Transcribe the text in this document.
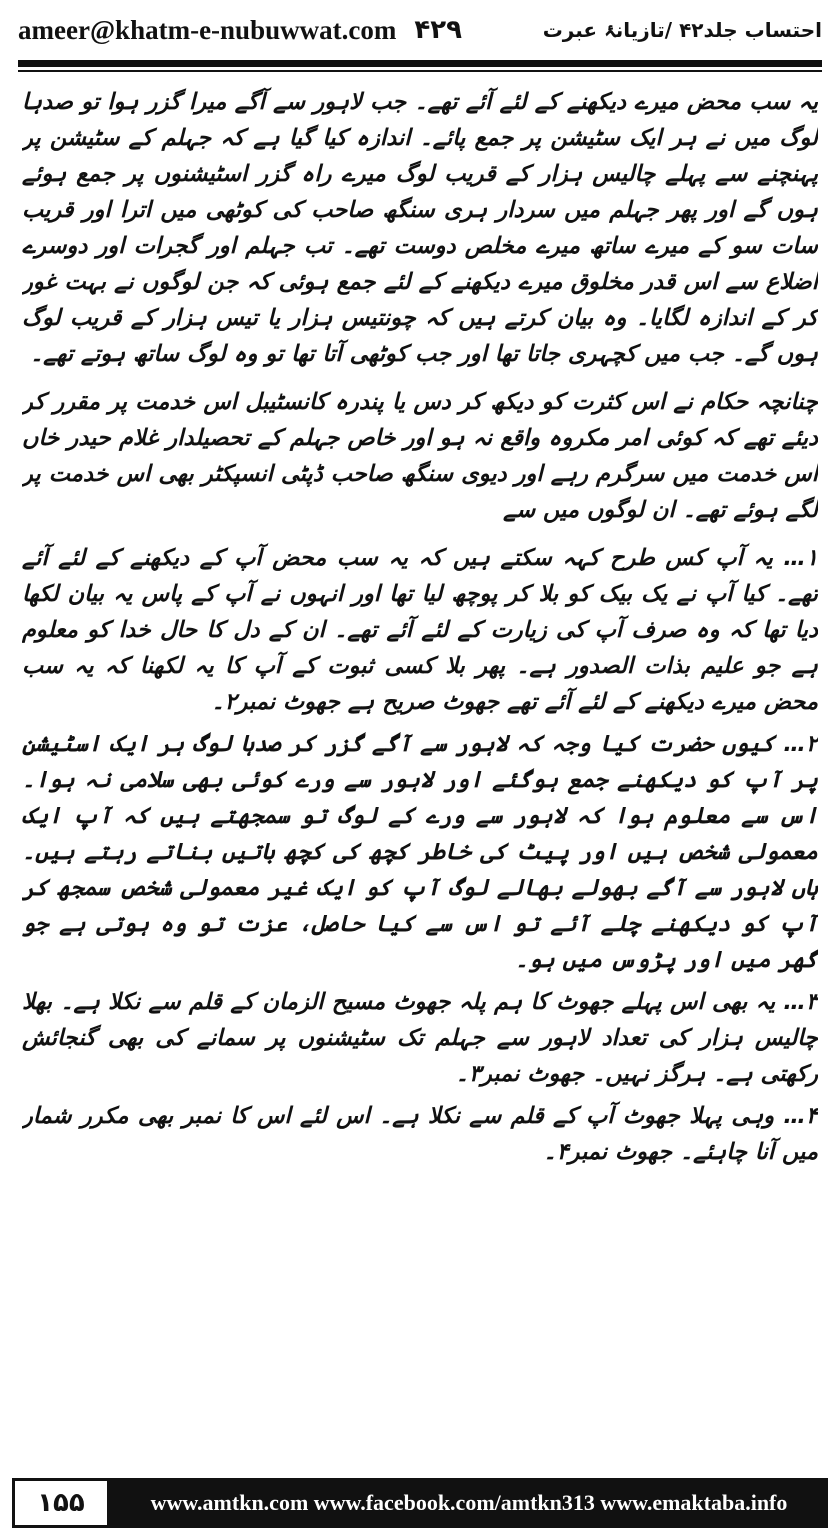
ameer@khatm-e-nubuwwat.com ۴۲۹	احتساب جلد۴۲ /تازیانۂ عبرت

یہ سب محض میرے دیکھنے کے لئے آئے تھے۔ جب لاہور سے آگے میرا گزر ہوا تو صدہا لوگ میں نے ہر ایک سٹیشن پر جمع پائے۔ اندازہ کیا گیا ہے کہ جہلم کے سٹیشن پر پہنچنے سے پہلے چالیس ہزار کے قریب لوگ میرے راہ گزر اسٹیشنوں پر جمع ہوئے ہوں گے اور پھر جہلم میں سردار ہری سنگھ صاحب کی کوٹھی میں اترا اور قریب سات سو کے میرے ساتھ میرے مخلص دوست تھے۔ تب جہلم اور گجرات اور دوسرے اضلاع سے اس قدر مخلوق میرے دیکھنے کے لئے جمع ہوئی کہ جن لوگوں نے بہت غور کر کے اندازہ لگایا۔ وہ بیان کرتے ہیں کہ چونتیس ہزار یا تیس ہزار کے قریب لوگ ہوں گے۔ جب میں کچہری جاتا تھا اور جب کوٹھی آتا تھا تو وہ لوگ ساتھ ہوتے تھے۔

چنانچہ حکام نے اس کثرت کو دیکھ کر دس یا پندرہ کانسٹیبل اس خدمت پر مقرر کر دیئے تھے کہ کوئی امر مکروہ واقع نہ ہو اور خاص جہلم کے تحصیلدار غلام حیدر خاں اس خدمت میں سرگرم رہے اور دیوی سنگھ صاحب ڈپٹی انسپکٹر بھی اس خدمت پر لگے ہوئے تھے۔ ان لوگوں میں سے

۱… یہ آپ کس طرح کہہ سکتے ہیں کہ یہ سب محض آپ کے دیکھنے کے لئے آئے تھے۔ کیا آپ نے یک بیک کو بلا کر پوچھ لیا تھا اور انہوں نے آپ کے پاس یہ بیان لکھا دیا تھا کہ وہ صرف آپ کی زیارت کے لئے آئے تھے۔ ان کے دل کا حال خدا کو معلوم ہے جو علیم بذات الصدور ہے۔ پھر بلا کسی ثبوت کے آپ کا یہ لکھنا کہ یہ سب محض میرے دیکھنے کے لئے آئے تھے جھوٹ صریح ہے جھوٹ نمبر۲۔

۲… کیوں حضرت کیا وجہ کہ لاہور سے آگے گزر کر صدہا لوگ ہر ایک اسٹیشن پر آپ کو دیکھنے جمع ہوگئے اور لاہور سے ورے کوئی بھی سلامی نہ ہوا۔ اس سے معلوم ہوا کہ لاہور سے ورے کے لوگ تو سمجھتے ہیں کہ آپ ایک معمولی شخص ہیں اور پیٹ کی خاطر کچھ کی کچھ باتیں بناتے رہتے ہیں۔ ہاں لاہور سے آگے بھولے بھالے لوگ آپ کو ایک غیر معمولی شخص سمجھ کر آپ کو دیکھنے چلے آئے تو اس سے کیا حاصل، عزت تو وہ ہوتی ہے جو گھر میں اور پڑوس میں ہو۔

۳… یہ بھی اس پہلے جھوٹ کا ہم پلہ جھوٹ مسیح الزمان کے قلم سے نکلا ہے۔ بھلا چالیس ہزار کی تعداد لاہور سے جہلم تک سٹیشنوں پر سمانے کی بھی گنجائش رکھتی ہے۔ ہرگز نہیں۔ جھوٹ نمبر۳۔

۴… وہی پہلا جھوٹ آپ کے قلم سے نکلا ہے۔ اس لئے اس کا نمبر بھی مکرر شمار میں آنا چاہئے۔ جھوٹ نمبر۴۔

۱۵۵	www.amtkn.com www.facebook.com/amtkn313 www.emaktaba.info
